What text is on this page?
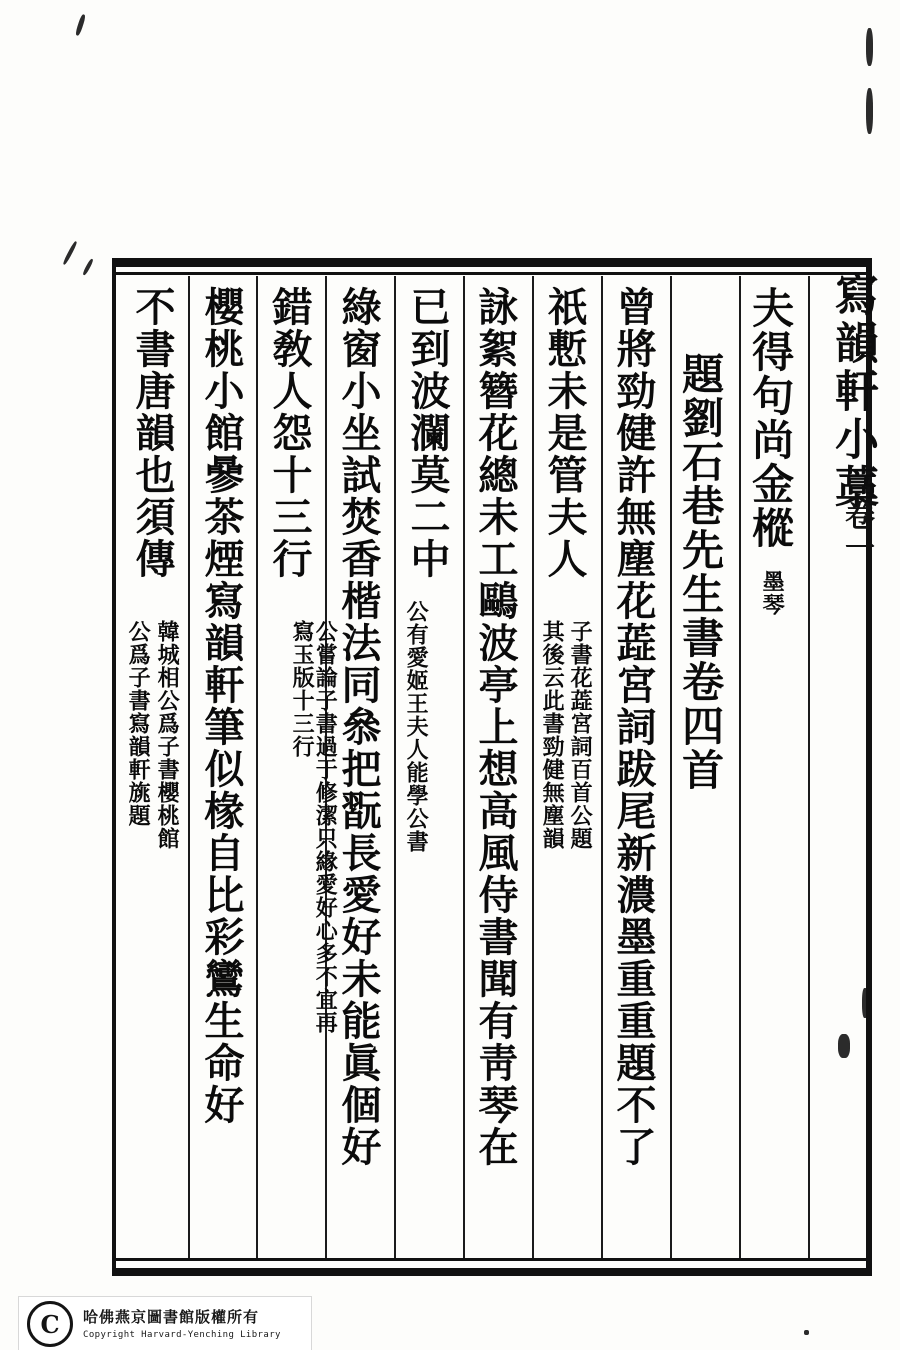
寫韻軒小藁
卷一
夫得句尚金樅
墨琴
題劉石巷先生書卷四首
曾將勁健許無塵花蕋宮詞跋尾新濃墨重重題不了
祇慙未是管夫人
子書花蕋宮詞百首公題
其後云此書勁健無塵韻
詠絮簪花總未工鷗波亭上想高風侍書聞有靑琴在
已到波瀾莫二中
公有愛姬王夫人能學公書
綠窗小坐試焚香楷法同叅把翫長愛好未能眞個好
錯敎人怨十三行
公嘗論子書過于修潔只緣愛好心多不宜再寫玉版十三行
櫻桃小館曑茶煙寫韻軒筆似椽自比彩鸞生命好
不書唐韻也須傳
韓城相公爲子書櫻桃館
公爲子書寫韻軒旐題
C	哈佛燕京圖書館版權所有
Copyright Harvard-Yenching Library
